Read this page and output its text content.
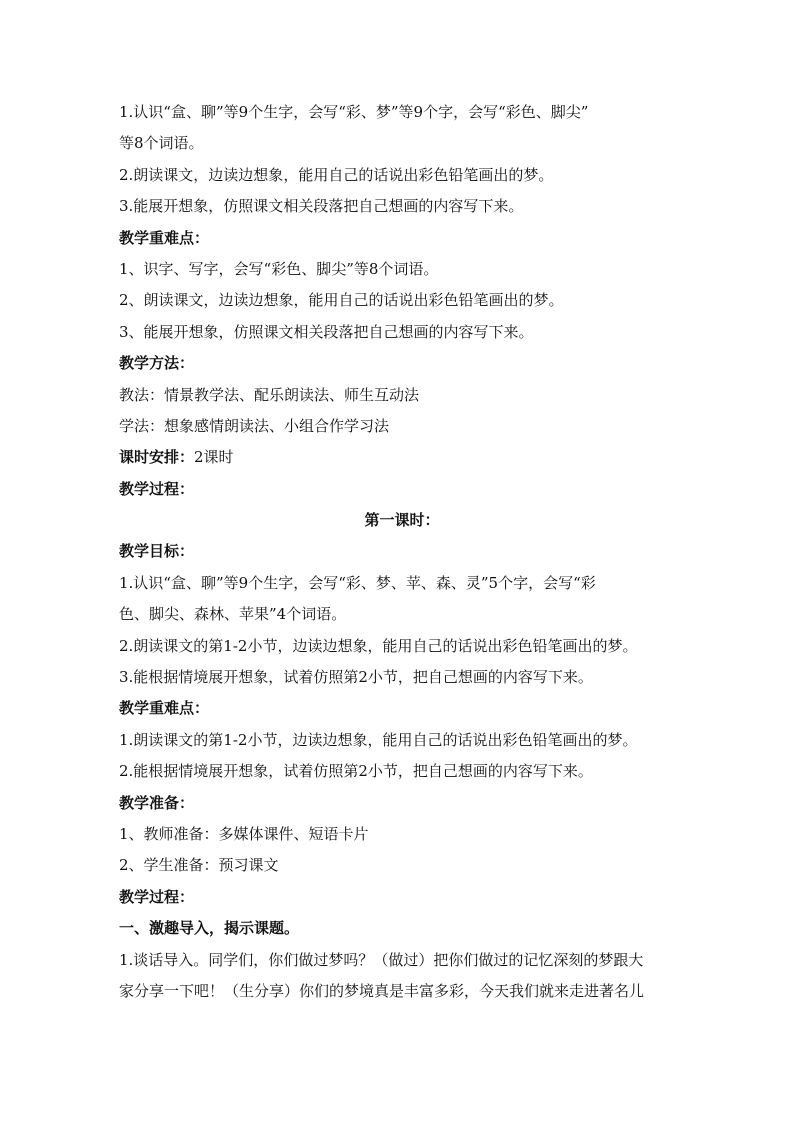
1.认识“盒、聊”等9个生字，会写“彩、梦”等9个字，会写“彩色、脚尖”
等8个词语。
2.朗读课文，边读边想象，能用自己的话说出彩色铅笔画出的梦。
3.能展开想象，仿照课文相关段落把自己想画的内容写下来。
教学重难点：
1、识字、写字，会写“彩色、脚尖”等8个词语。
2、朗读课文，边读边想象，能用自己的话说出彩色铅笔画出的梦。
3、能展开想象，仿照课文相关段落把自己想画的内容写下来。
教学方法：
教法：情景教学法、配乐朗读法、师生互动法
学法：想象感情朗读法、小组合作学习法
课时安排：2课时
教学过程：
第一课时：
教学目标：
1.认识“盒、聊”等9个生字，会写“彩、梦、苹、森、灵”5个字，会写“彩
色、脚尖、森林、苹果”4个词语。
2.朗读课文的第1-2小节，边读边想象，能用自己的话说出彩色铅笔画出的梦。
3.能根据情境展开想象，试着仿照第2小节，把自己想画的内容写下来。
教学重难点：
1.朗读课文的第1-2小节，边读边想象，能用自己的话说出彩色铅笔画出的梦。
2.能根据情境展开想象，试着仿照第2小节，把自己想画的内容写下来。
教学准备：
1、教师准备：多媒体课件、短语卡片
2、学生准备：预习课文
教学过程：
一、激趣导入，揭示课题。
1.谈话导入。同学们，你们做过梦吗？（做过）把你们做过的记忆深刻的梦跟大
家分享一下吧！（生分享）你们的梦境真是丰富多彩，今天我们就来走进著名儿
